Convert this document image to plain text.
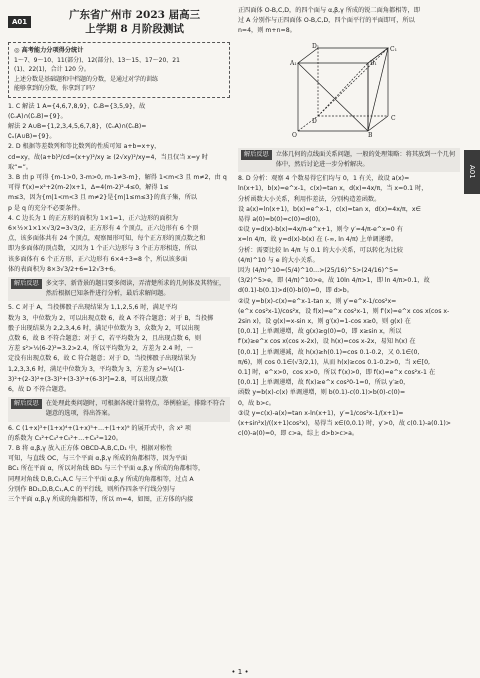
A01
广东省广州市 2023 届高三
上学期 8 月阶段测试
◎ 高考能力分项得分统计
1～7、9～10、11(部分)、12(部分)、13～15、17～20、21
(1)、22(1)，合计 120 分。
上述分数是基础题和中档题的分数，是通过对学的训练
能够拿到的分数，你拿到了吗？
1. C 解法 1 A={4,6,7,8,9}，∁ᵤB={3,5,9}，故
(∁ᵤA)∩(∁ᵤB)={9}。
解法 2 A∪B={1,2,3,4,5,6,7,8}，(∁ᵤA)∩(∁ᵤB)=
∁ᵤ(A∪B)={9}。
2. D 根据等差数列和等比数列的性质可知 a+b=x+y，
cd=xy，故(a+b)²/cd=(x+y)²/xy ≥ (2√xy)²/xy=4，当且仅当 x=y 时
取“=”。
3. B 由 p 可得 {m-1>0, 3-m>0, m-1≠3-m}，解得 1<m<3 且 m≠2，由 q
可得 f′(x)=x²+2(m-2)x+1，Δ=4(m-2)²-4≤0，解得 1≤
m≤3，因为{m|1<m<3 且 m≠2}是{m|1≤m≤3}的真子集，所以
p 是 q 的充分不必要条件。
4. C 边长为 1 的正方形的面积为 1×1=1，正六边形的面积为
6×½×1×1×√3/2=3√3/2，正方形有 4 个顶点，正六边形有 6 个顶
点，该多面体共有 24 个顶点，观察图形可知，每个正方形的顶点数之和
即为多面体的顶点数，又因为 1 个正六边形与 3 个正方形相连，所以
该多面体有 6 个正方形，正六边形有 6×4÷3=8 个，所以该多面
体的表面积为 8×3√3/2+6=12√3+6。
解后反思	多文字、新背景的题目要多阅读，弄清楚所求的几何体及其特征，然后根据已知条件进行分析，最后求解问题。
5. C 对于 A，当投掷骰子出现结果为 1,1,2,5,6 时，满足平均
数为 3，中位数为 2，可以出现点数 6，故 A 不符合题意；对于 B，当投掷
骰子出现结果为 2,2,3,4,6 时，满足中位数为 3，众数为 2，可以出现
点数 6，故 B 不符合题意；对于 C，若平均数为 2，且出现点数 6，则
方差 s²>⅕(6-2)²=3.2>2.4，所以平均数为 2，方差为 2.4 时，一
定没有出现点数 6，故 C 符合题意；对于 D，当投掷骰子出现结果为
1,2,3,3,6 时，满足中位数为 3，平均数为 3，方差为 s²=⅕[(1-
3)²+(2-3)²+(3-3)²+(3-3)²+(6-3)²]=2.8，可以出现点数
6，故 D 不符合题意。
解后反思	在处理此类问题时，可根据各统计量特点，举例验证，排除不符合题意的选项，得出答案。
6. C (1+x)³+(1+x)⁴+(1+x)⁵+…+(1+x)⁹ 的展开式中，含 x² 项
的系数为 C₃²+C₄²+C₅²+…+C₉²=120。
7. B 将 α,β,γ 放入正方体 OBCD-A,B,C,D₁ 中，根据对称性
可知，与直线 OC，与三个平面 α,β,γ 所成的角都相等，因为平面
BC₁ 所在平面 α，所以对角线 BD₁ 与三个平面 α,β,γ 所成的角都相等，
同理对角线 D,B,C₁,A,C 与三个平面 α,β,γ 所成的角都相等，过点 A
分别作 BD₁,D,B,C₁,A,C 的平行线，则所作四条平行线分别与
三个平面 α,β,γ 所成的角都相等，所以 m=4，如图，正方体的内接
正四面体 O-B,C,D，的四个面与 α,β,γ 所成的锐二面角都相等，即
过 A 分别作与正四面体 O-B,C,D，四个面平行的平面即可，所以
n=4，则 m+n=8。
A₁	B₁
C₁
D₁
O	B
C
D
解后反思	立体几何的点线面关系问题，一般的处理策略：将其放到一个几何体中，然后讨论进一步分析解决。
8. D 分析：观察 4 个数易得它们均与 0，1 有关，故设 a(x)=
ln(x+1)，b(x)=e^x-1，c(x)=tan x，d(x)=4x/π，当 x=0.1 时，
分析函数大小关系，利用作差法，分别构造差函数。
设 a(x)=ln(x+1)，b(x)=e^x-1，c(x)=tan x，d(x)=4x/π，x∈
易得 a(0)=b(0)=c(0)=d(0)。
①设 y=d(x)-b(x)=4x/π-e^x+1，则令 y′=4/π-e^x=0 有
x=ln 4/π，故 y=d(x)-b(x) 在 (-∞, ln 4/π) 上单调递增。
分析：需要比较 ln 4/π 与 0.1 的大小关系，可以转化为比较
(4/π)^10 与 e 的大小关系。
因为 (4/π)^10=(5/4)^10…>(25/16)^5>(24/16)^5=
(3/2)^5>e，即 (4/π)^10>e，故 10ln 4/π>1，即 ln 4/π>0.1，故
d(0.1)-b(0.1)>d(0)-b(0)=0，即 d>b。
②设 y=b(x)-c(x)=e^x-1-tan x，则 y′=e^x-1/cos²x=
(e^x cos²x-1)/cos²x，设 f(x)=e^x cos²x-1，则 f′(x)=e^x cos x(cos x-
2sin x)，设 g(x)=x-sin x，则 g′(x)=1-cos x≥0，则 g(x) 在
[0,0.1] 上单调递增，故 g(x)≥g(0)=0，即 x≥sin x，所以
f′(x)≥e^x cos x(cos x-2x)，设 h(x)=cos x-2x，易知 h(x) 在
[0,0.1] 上单调递减，故 h(x)≥h(0.1)=cos 0.1-0.2，又 0.1∈(0,
π/6)，则 cos 0.1∈(√3/2,1)，从而 h(x)≥cos 0.1-0.2>0，当 x∈[0,
0.1] 时，e^x>0，cos x>0，所以 f′(x)>0，即 f(x)=e^x cos²x-1 在
[0,0.1] 上单调递增，故 f(x)≥e^x cos²0-1=0，所以 y′≥0，
函数 y=b(x)-c(x) 单调递增，则 b(0.1)-c(0.1)>b(0)-c(0)=
0，故 b>c。
③设 y=c(x)-a(x)=tan x-ln(x+1)，y′=1/cos²x-1/(x+1)=
(x+sin²x)/((x+1)cos²x)，易得当 x∈(0,0.1) 时，y′>0，故 c(0.1)-a(0.1)>
c(0)-a(0)=0，即 c>a，综上 d>b>c>a。
A01
• 1 •
